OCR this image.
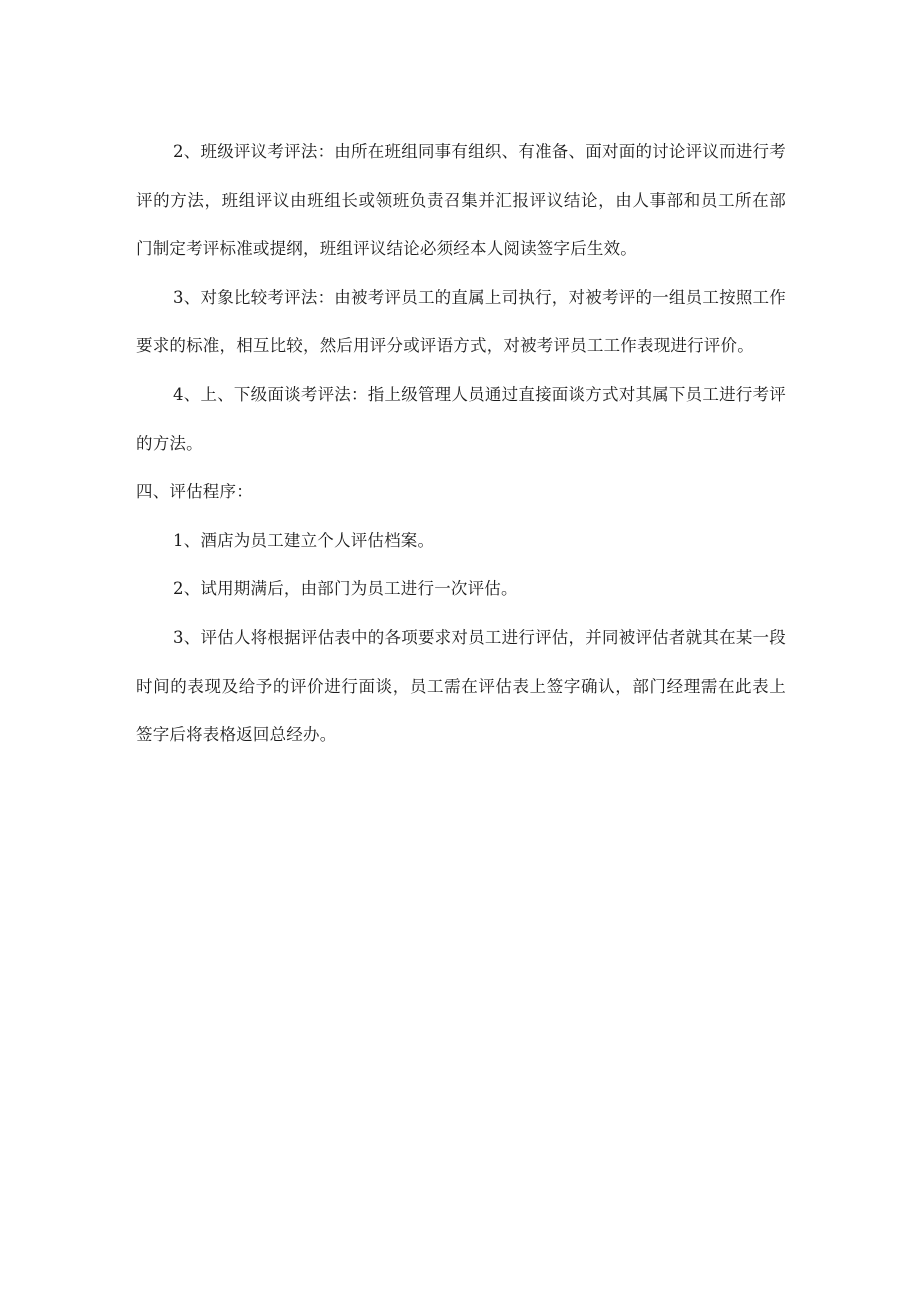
2、班级评议考评法：由所在班组同事有组织、有准备、面对面的讨论评议而进行考评的方法，班组评议由班组长或领班负责召集并汇报评议结论，由人事部和员工所在部门制定考评标准或提纲，班组评议结论必须经本人阅读签字后生效。

3、对象比较考评法：由被考评员工的直属上司执行，对被考评的一组员工按照工作要求的标准，相互比较，然后用评分或评语方式，对被考评员工工作表现进行评价。

4、上、下级面谈考评法：指上级管理人员通过直接面谈方式对其属下员工进行考评的方法。

四、评估程序：

1、酒店为员工建立个人评估档案。

2、试用期满后，由部门为员工进行一次评估。

3、评估人将根据评估表中的各项要求对员工进行评估，并同被评估者就其在某一段时间的表现及给予的评价进行面谈，员工需在评估表上签字确认，部门经理需在此表上签字后将表格返回总经办。
